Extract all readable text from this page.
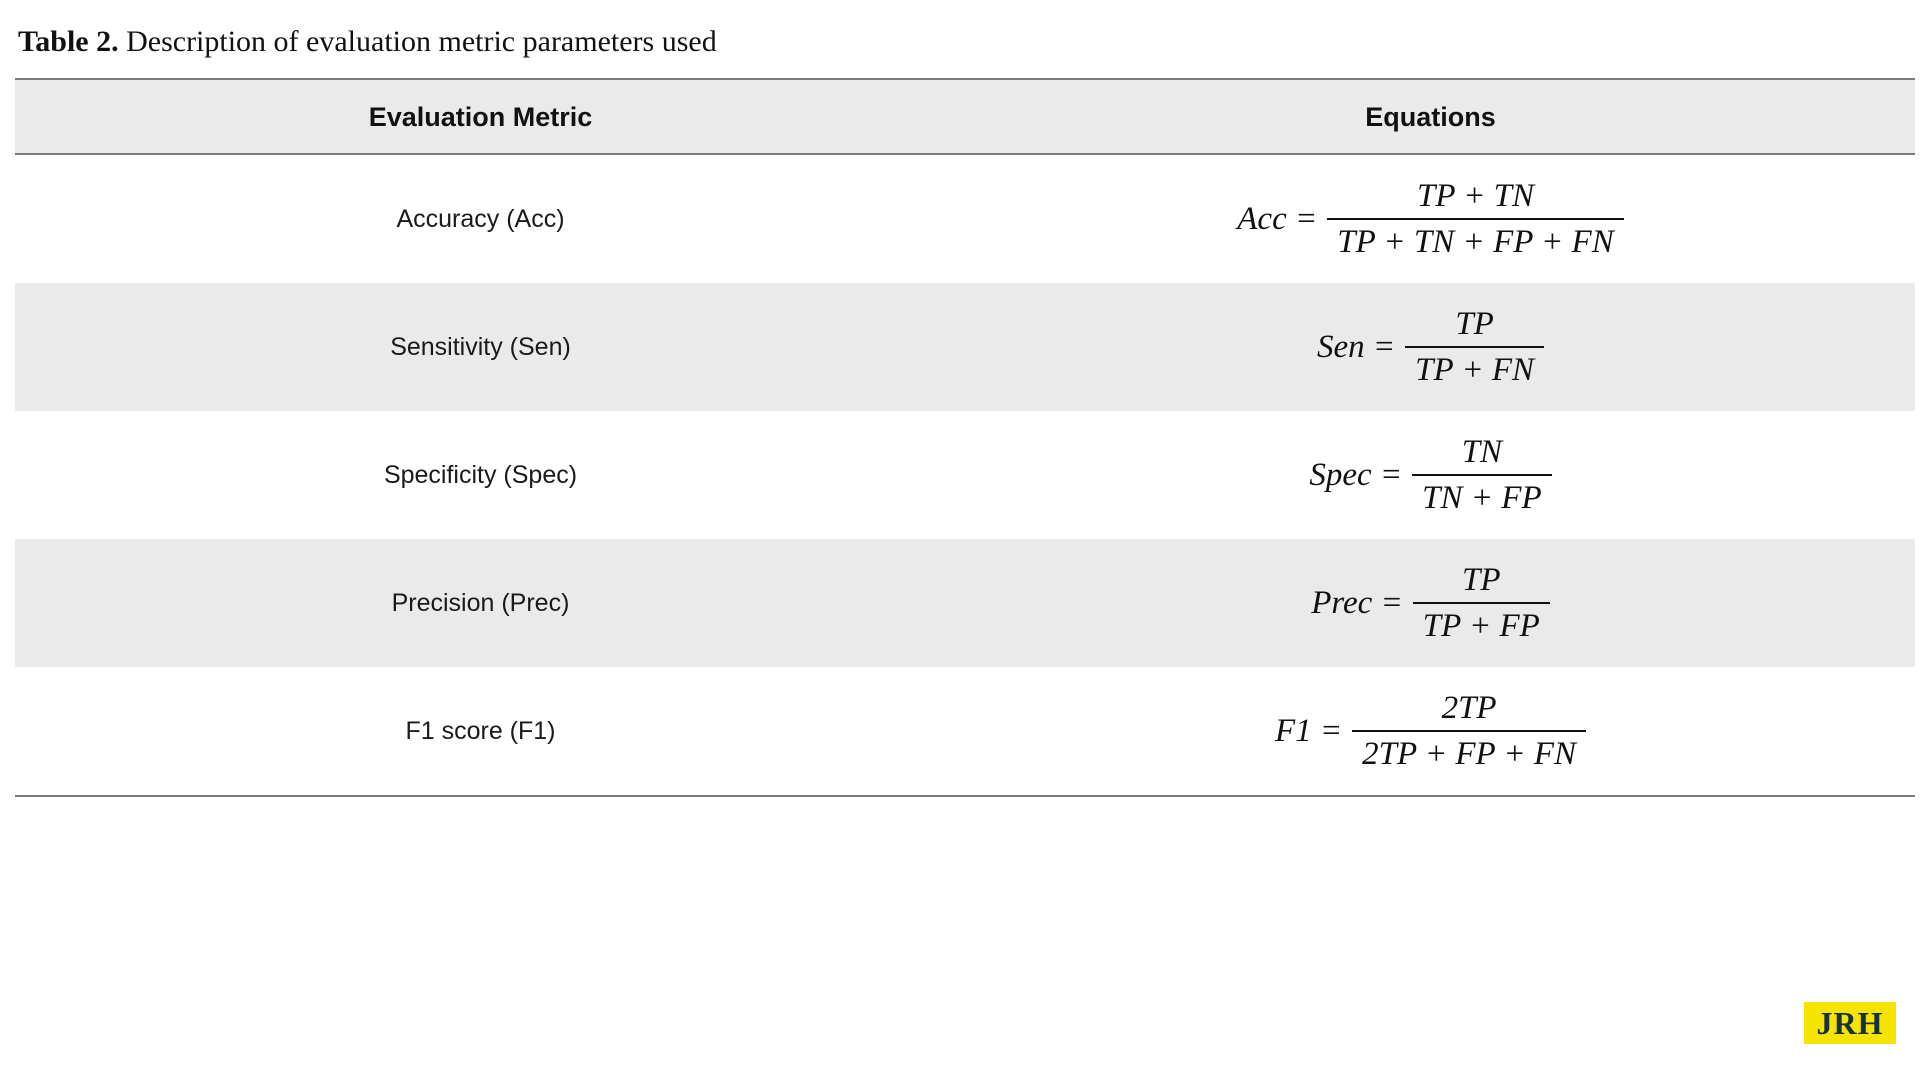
Table 2. Description of evaluation metric parameters used
Evaluation Metric	Equations
Accuracy (Acc)	Acc = $\frac{TP + TN}{TP + TN + FP + FN}$

Sensitivity (Sen)	Sen = $\frac{TP}{TP + FN}$

Specificity (Spec)	Spec = $\frac{TN}{TN + FP}$

Precision (Prec)	Prec = $\frac{TP}{TP + FP}$

F1 score (F1)	$F1 = \frac{2TP}{2TP + FP + FN}$
JRH
